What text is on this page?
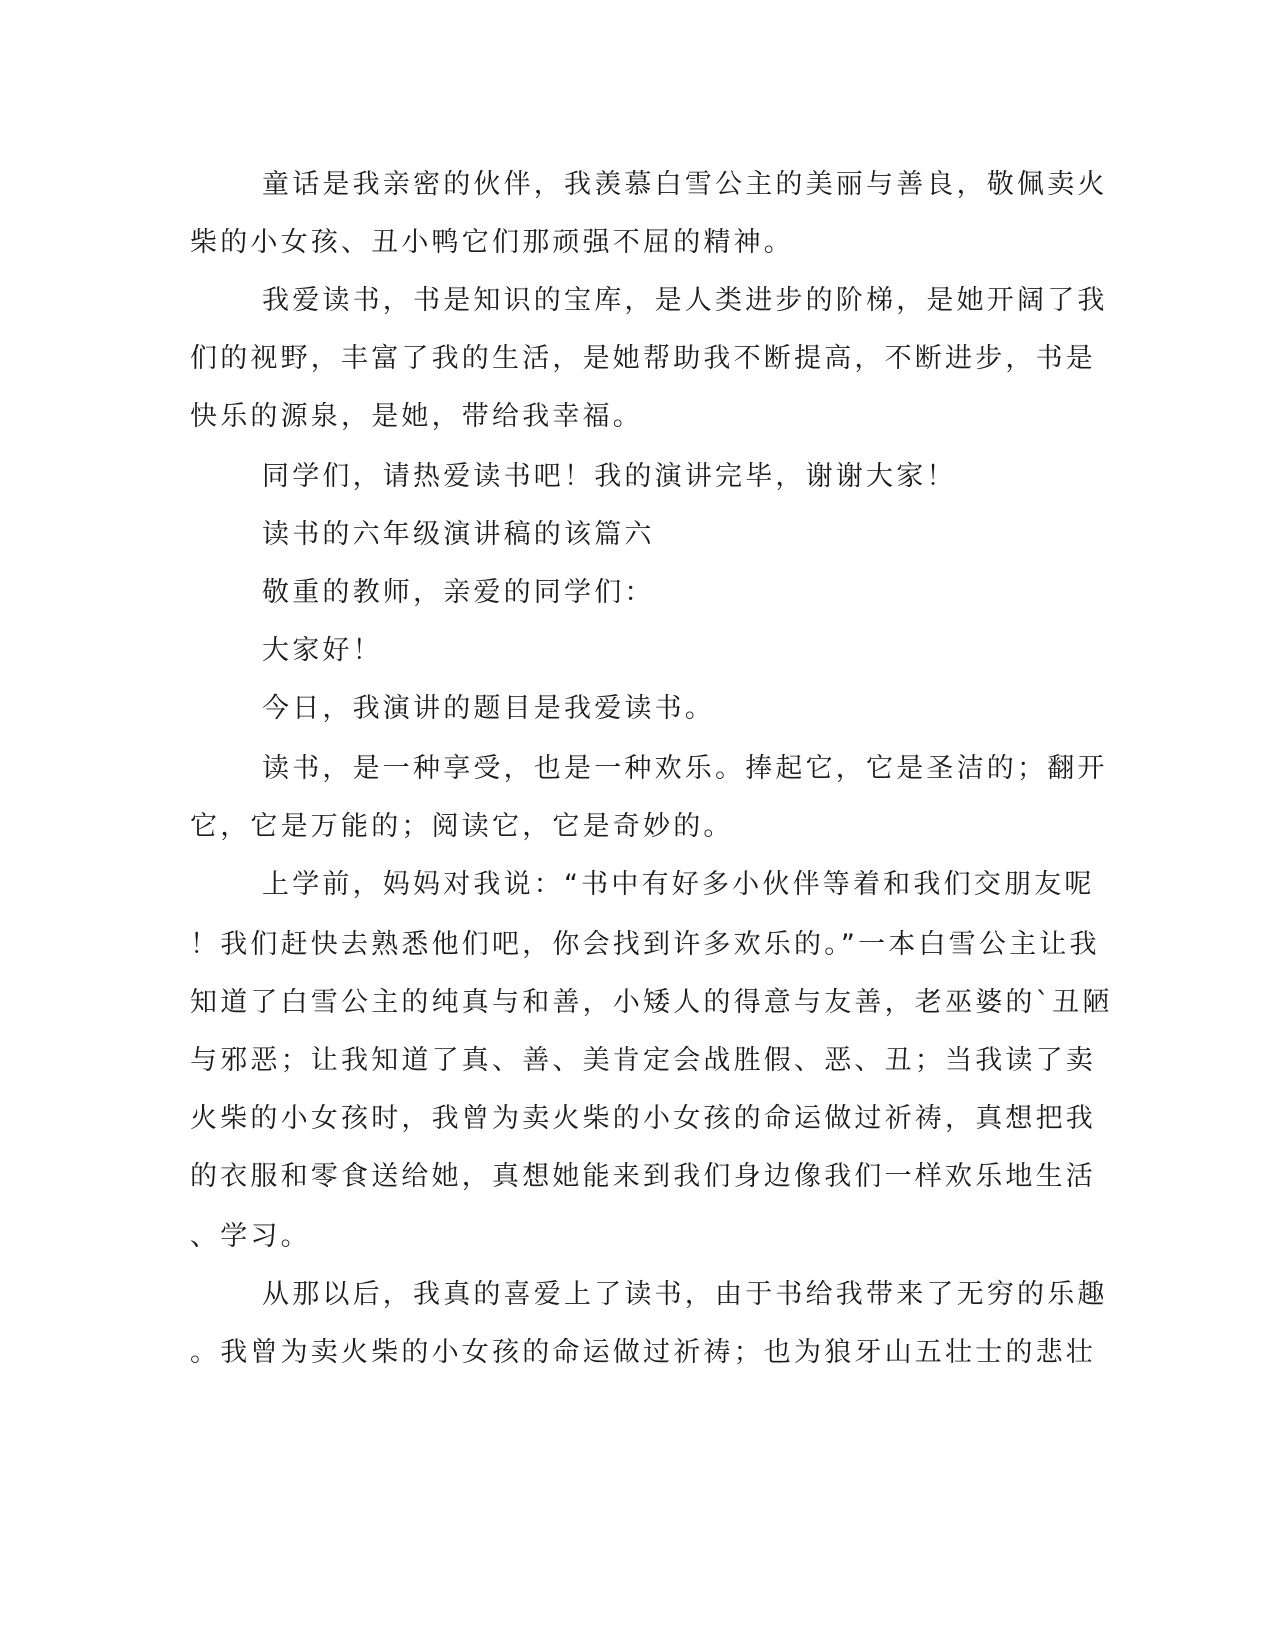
童话是我亲密的伙伴，我羡慕白雪公主的美丽与善良，敬佩卖火
柴的小女孩、丑小鸭它们那顽强不屈的精神。
我爱读书，书是知识的宝库，是人类进步的阶梯，是她开阔了我
们的视野，丰富了我的生活，是她帮助我不断提高，不断进步，书是
快乐的源泉，是她，带给我幸福。
同学们，请热爱读书吧！我的演讲完毕，谢谢大家！
读书的六年级演讲稿的该篇六
敬重的教师，亲爱的同学们：
大家好！
今日，我演讲的题目是我爱读书。
读书，是一种享受，也是一种欢乐。捧起它，它是圣洁的；翻开
它，它是万能的；阅读它，它是奇妙的。
上学前，妈妈对我说：“书中有好多小伙伴等着和我们交朋友呢
！我们赶快去熟悉他们吧，你会找到许多欢乐的。”一本白雪公主让我
知道了白雪公主的纯真与和善，小矮人的得意与友善，老巫婆的`丑陋
与邪恶；让我知道了真、善、美肯定会战胜假、恶、丑；当我读了卖
火柴的小女孩时，我曾为卖火柴的小女孩的命运做过祈祷，真想把我
的衣服和零食送给她，真想她能来到我们身边像我们一样欢乐地生活
、学习。
从那以后，我真的喜爱上了读书，由于书给我带来了无穷的乐趣
。我曾为卖火柴的小女孩的命运做过祈祷；也为狼牙山五壮士的悲壮
